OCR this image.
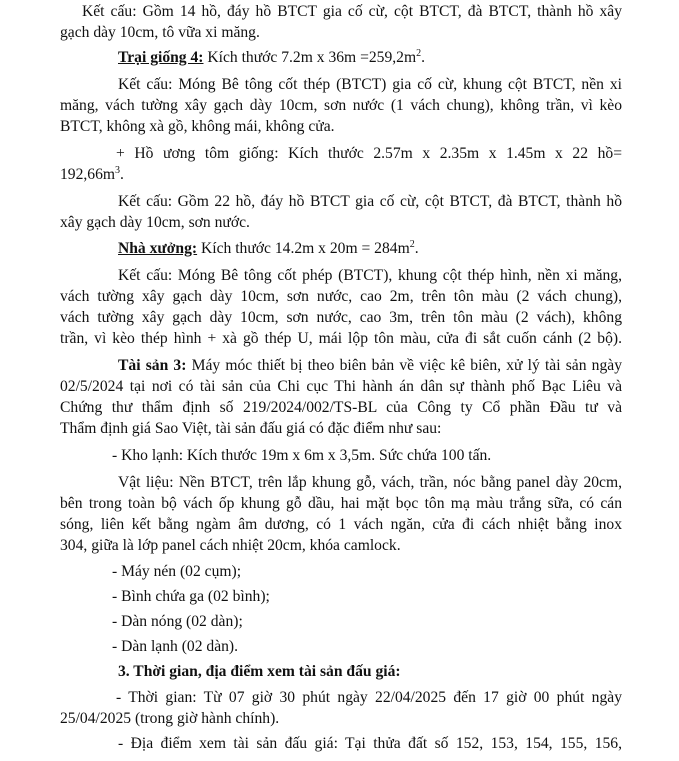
Kết cấu: Gồm 14 hồ, đáy hồ BTCT gia cố cừ, cột BTCT, đà BTCT, thành hồ xây
gạch dày 10cm, tô vữa xi măng.
Trại giống 4: Kích thước 7.2m x $36m =259,2m^2$.
Kết cấu: Móng Bê tông cốt thép (BTCT) gia cố cừ, khung cột BTCT, nền xi
măng, vách tường xây gạch dày 10cm, sơn nước (1 vách chung), không trần, vì kèo
BTCT, không xà gồ, không mái, không cửa.
+ Hồ ương tôm giống: Kích thước 2.57m x 2.35m x 1.45m x 22 hồ=
$192,66m^3$.
Kết cấu: Gồm 22 hồ, đáy hồ BTCT gia cố cừ, cột BTCT, đà BTCT, thành hồ
xây gạch dày 10cm, sơn nước.
Nhà xưởng: Kích thước 14.2m x $20m = 284m^2$.
Kết cấu: Móng Bê tông cốt phép (BTCT), khung cột thép hình, nền xi măng,
vách tường xây gạch dày 10cm, sơn nước, cao 2m, trên tôn màu (2 vách chung),
vách tường xây gạch dày 10cm, sơn nước, cao 3m, trên tôn màu (2 vách), không
trần, vì kèo thép hình + xà gồ thép U, mái lộp tôn màu, cửa đi sắt cuốn cánh (2 bộ).
Tài sản 3: Máy móc thiết bị theo biên bản về việc kê biên, xử lý tài sản ngày
02/5/2024 tại nơi có tài sản của Chi cục Thi hành án dân sự thành phố Bạc Liêu và
Chứng thư thẩm định số 219/2024/002/TS-BL của Công ty Cổ phần Đầu tư và
Thẩm định giá Sao Việt, tài sản đấu giá có đặc điểm như sau:
- Kho lạnh: Kích thước 19m x 6m x 3,5m. Sức chứa 100 tấn.
Vật liệu: Nền BTCT, trên lắp khung gỗ, vách, trần, nóc bằng panel dày 20cm,
bên trong toàn bộ vách ốp khung gỗ dầu, hai mặt bọc tôn mạ màu trắng sữa, có cán
sóng, liên kết bằng ngàm âm dương, có 1 vách ngăn, cửa đi cách nhiệt bằng inox
304, giữa là lớp panel cách nhiệt 20cm, khóa camlock.
- Máy nén (02 cụm);
- Bình chứa ga (02 bình);
- Dàn nóng (02 dàn);
- Dàn lạnh (02 dàn).
3. Thời gian, địa điểm xem tài sản đấu giá:
- Thời gian: Từ 07 giờ 30 phút ngày 22/04/2025 đến 17 giờ 00 phút ngày
25/04/2025 (trong giờ hành chính).
- Địa điểm xem tài sản đấu giá: Tại thửa đất số 152, 153, 154, 155, 156,
